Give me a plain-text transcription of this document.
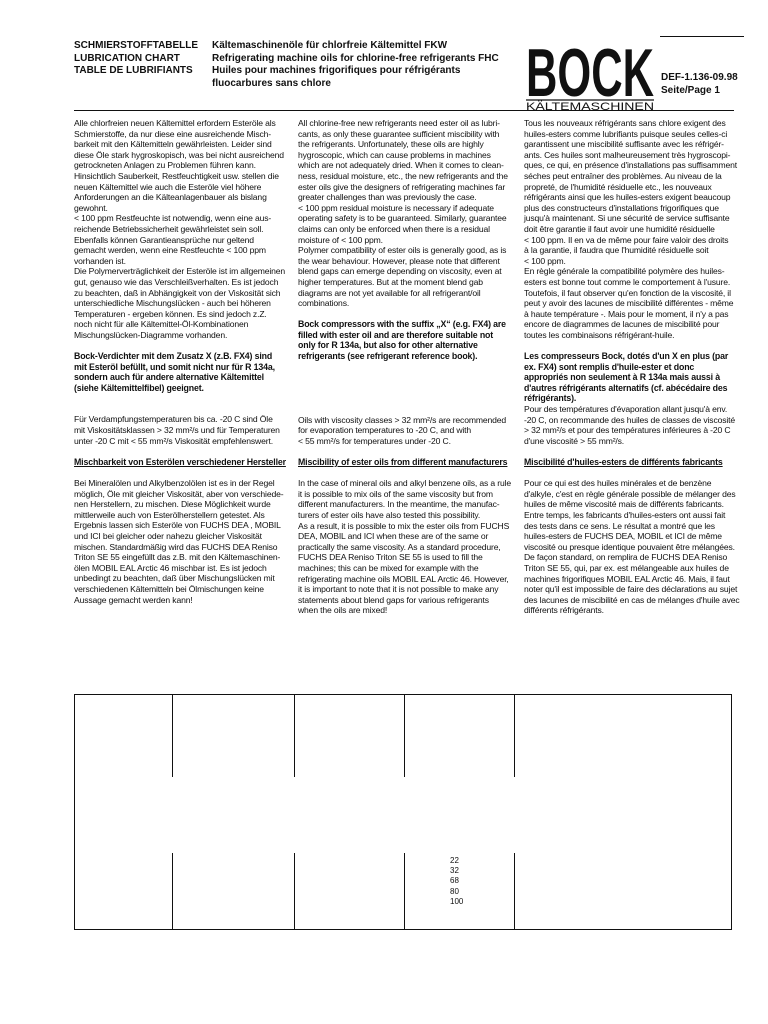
SCHMIERSTOFFTABELLE
LUBRICATION CHART
TABLE DE LUBRIFIANTS
Kältemaschinenöle für chlorfreie Kältemittel FKW
Refrigerating machine oils for chlorine-free refrigerants FHC
Huiles pour machines frigorifiques pour réfrigérants
fluocarbures sans chlore	BOCK
KÄLTEMASCHINEN
DEF-1.136-09.98
Seite/Page 1

Alle chlorfreien neuen Kältemittel erfordern Esteröle als

Schmierstoffe, da nur diese eine ausreichende Misch-

barkeit mit den Kältemitteln gewährleisten. Leider sind

diese Öle stark hygroskopisch, was bei nicht ausreichend

getrockneten Anlagen zu Problemen führen kann.

Hinsichtlich Sauberkeit, Restfeuchtigkeit usw. stellen die

neuen Kältemittel wie auch die Esteröle viel höhere

Anforderungen an die Kälteanlagenbauer als bislang

gewohnt.

< 100 ppm Restfeuchte ist notwendig, wenn eine aus-

reichende Betriebssicherheit gewährleistet sein soll.

Ebenfalls können Garantieansprüche nur geltend

gemacht werden, wenn eine Restfeuchte < 100 ppm

vorhanden ist.

Die Polymerverträglichkeit der Esteröle ist im allgemeinen

gut, genauso wie das Verschleißverhalten. Es ist jedoch

zu beachten, daß in Abhängigkeit von der Viskosität sich

unterschiedliche Mischungslücken - auch bei höheren

Temperaturen - ergeben können. Es sind jedoch z.Z.

noch nicht für alle Kältemittel-Öl-Kombinationen

Mischungslücken-Diagramme vorhanden.

Bock-Verdichter mit dem Zusatz X (z.B. FX4) sind

mit Esteröl befüllt, und somit nicht nur für R 134a,

sondern auch für andere alternative Kältemittel

(siehe Kältemittelfibel) geeignet.

Für Verdampfungstemperaturen bis ca. -20 C sind Öle

mit Viskositätsklassen > 32 mm²/s und für Temperaturen

unter -20 C mit < 55 mm²/s Viskosität empfehlenswert.

Mischbarkeit von Esterölen verschiedener Hersteller

Bei Mineralölen und Alkylbenzolölen ist es in der Regel

möglich, Öle mit gleicher Viskosität, aber von verschiede-

nen Herstellern, zu mischen. Diese Möglichkeit wurde

mittlerweile auch von Esterölherstellern getestet. Als

Ergebnis lassen sich Esteröle von FUCHS DEA , MOBIL

und ICI bei gleicher oder nahezu gleicher Viskosität

mischen. Standardmäßig wird das FUCHS DEA Reniso

Triton SE 55 eingefüllt das z.B. mit den Kältemaschinen-

ölen MOBIL EAL Arctic 46 mischbar ist. Es ist jedoch

unbedingt zu beachten, daß über Mischungslücken mit

verschiedenen Kältemitteln bei Ölmischungen keine

Aussage gemacht werden kann!

All chlorine-free new refrigerants need ester oil as lubri-

cants, as only these guarantee sufficient miscibility with

the refrigerants. Unfortunately, these oils are highly

hygroscopic, which can cause problems in machines

which are not adequately dried. When it comes to clean-

ness, residual moisture, etc., the new refrigerants and the

ester oils give the designers of refrigerating machines far

greater challenges than was previously the case.

< 100 ppm residual moisture is necessary if adequate

operating safety is to be guaranteed. Similarly, guarantee

claims can only be enforced when there is a residual

moisture of < 100 ppm.

Polymer compatibility of ester oils is generally good, as is

the wear behaviour. However, please note that different

blend gaps can emerge depending on viscosity, even at

higher temperatures. But at the moment blend gab

diagrams are not yet available for all refrigerant/oil

combinations.

Bock compressors with the suffix „X“ (e.g. FX4) are

filled with ester oil and are therefore suitable not

only for R 134a, but also for other alternative

refrigerants (see refrigerant reference book).

Oils with viscosity classes > 32 mm²/s are recommended

for evaporation temperatures to -20 C, and with

< 55 mm²/s for temperatures under -20 C.

Miscibility of ester oils from different manufacturers

In the case of mineral oils and alkyl benzene oils, as a rule

it is possible to mix oils of the same viscosity but from

different manufacturers. In the meantime, the manufac-

turers of ester oils have also tested this possibility.

As a result, it is possible to mix the ester oils from FUCHS

DEA, MOBIL and ICI when these are of the same or

practically the same viscosity. As a standard procedure,

FUCHS DEA Reniso Triton SE 55 is used to fill the

machines; this can be mixed for example with the

refrigerating machine oils MOBIL EAL Arctic 46. However,

it is important to note that it is not possible to make any

statements about blend gaps for various refrigerants

when the oils are mixed!

Tous les nouveaux réfrigérants sans chlore exigent des

huiles-esters comme lubrifiants puisque seules celles-ci

garantissent une miscibilité suffisante avec les réfrigér-

ants. Ces huiles sont malheureusement très hygroscopi-

ques, ce qui, en présence d'installations pas suffisamment

séches peut entraîner des problèmes. Au niveau de la

propreté, de l'humidité résiduelle etc., les nouveaux

réfrigérants ainsi que les huiles-esters exigent beaucoup

plus des constructeurs d'installations frigorifiques que

jusqu'à maintenant. Si une sécurité de service suffisante

doit être garantie il faut avoir une humidité résiduelle

< 100 ppm. Il en va de même pour faire valoir des droits

à la garantie, il faudra que l'humidité résiduelle soit

< 100 ppm.

En règle générale la compatibilité polymère des huiles-

esters est bonne tout comme le comportement à l'usure.

Toutefois, il faut observer qu'en fonction de la viscosité, il

peut y avoir des lacunes de miscibilité différentes - même

à haute température -. Mais pour le moment, il n'y a pas

encore de diagrammes de lacunes de miscibilité pour

toutes les combinaisons réfrigérant-huile.

Les compresseurs Bock, dotés d'un X en plus (par

ex. FX4) sont remplis d'huile-ester et donc

appropriés non seulement à R 134a mais aussi à

d'autres réfrigérants alternatifs (cf. abécédaire des

réfrigérants).

Pour des températures d'évaporation allant jusqu'à env.

-20 C, on recommande des huiles de classes de viscosité

> 32 mm²/s et pour des températures inférieures à -20 C

d'une viscosité > 55 mm²/s.

Miscibilité d'huiles-esters de différents fabricants

Pour ce qui est des huiles minérales et de benzène

d'alkyle, c'est en règle générale possible de mélanger des

huiles de même viscosité mais de différents fabricants.

Entre temps, les fabricants d'huiles-esters ont aussi fait

des tests dans ce sens. Le résultat a montré que les

huiles-esters de FUCHS DEA, MOBIL et ICI de même

viscosité ou presque identique pouvaient être mélangées.

De façon standard, on remplira de FUCHS DEA Reniso

Triton SE 55, qui, par ex. est mélangeable aux huiles de

machines frigorifiques MOBIL EAL Arctic 46. Mais, il faut

noter qu'il est impossible de faire des déclarations au sujet

des lacunes de miscibilité en cas de mélanges d'huile avec

différents réfrigérants.

22
32
68
80
100
